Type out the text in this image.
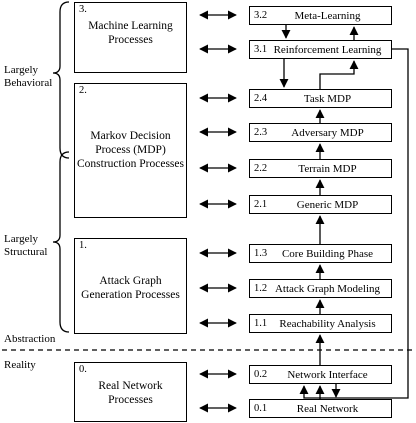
3.
Machine Learning
Processes
2.
Markov Decision
Process (MDP)
Construction Processes
1.
Attack Graph
Generation Processes
0.
Real Network
Processes
3.2	Meta-Learning
3.1 Reinforcement Learning
2.4	Task MDP
2.3	Adversary MDP
2.2	Terrain MDP
2.1	Generic MDP
1.3	Core Building Phase
1.2 Attack Graph Modeling
1.1	Reachability Analysis
0.2	Network Interface
0.1	Real Network
Largely
Behavioral
Largely
Structural
Abstraction
Reality
